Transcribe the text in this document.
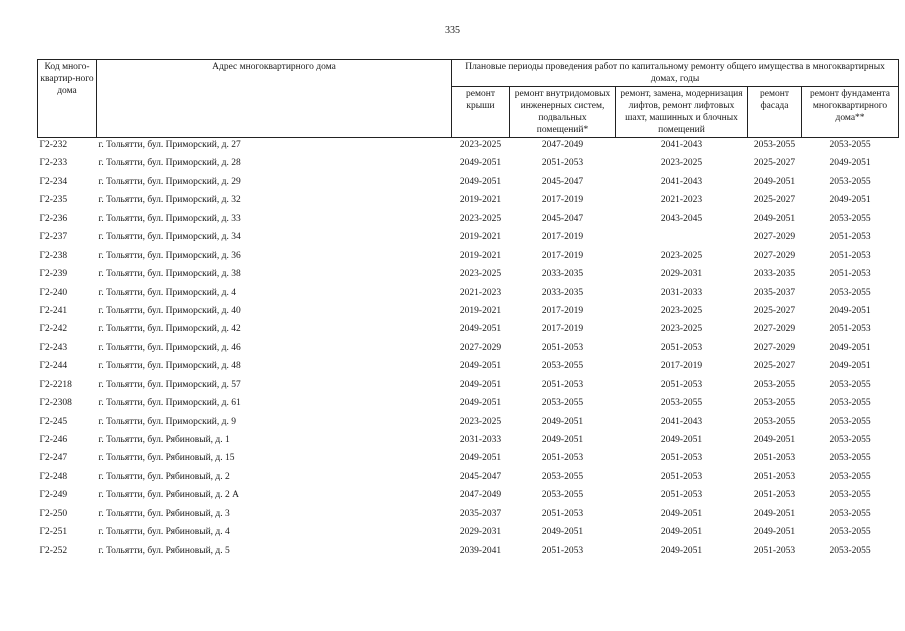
335
Код много-квартир-ного дома	Адрес многоквартирного дома	Плановые периоды проведения работ по капитальному ремонту общего имущества в многоквартирных домах, годы				
		ремонт крыши	ремонт внутридомовых инженерных систем, подвальных помещений*	ремонт, замена, модернизация лифтов, ремонт лифтовых шахт, машинных и блочных помещений	ремонт фасада	ремонт фундамента многоквартирного дома**
Г2-232	г. Тольятти, бул. Приморский, д. 27	2023-2025	2047-2049	2041-2043	2053-2055	2053-2055
Г2-233	г. Тольятти, бул. Приморский, д. 28	2049-2051	2051-2053	2023-2025	2025-2027	2049-2051
Г2-234	г. Тольятти, бул. Приморский, д. 29	2049-2051	2045-2047	2041-2043	2049-2051	2053-2055
Г2-235	г. Тольятти, бул. Приморский, д. 32	2019-2021	2017-2019	2021-2023	2025-2027	2049-2051
Г2-236	г. Тольятти, бул. Приморский, д. 33	2023-2025	2045-2047	2043-2045	2049-2051	2053-2055
Г2-237	г. Тольятти, бул. Приморский, д. 34	2019-2021	2017-2019		2027-2029	2051-2053
Г2-238	г. Тольятти, бул. Приморский, д. 36	2019-2021	2017-2019	2023-2025	2027-2029	2051-2053
Г2-239	г. Тольятти, бул. Приморский, д. 38	2023-2025	2033-2035	2029-2031	2033-2035	2051-2053
Г2-240	г. Тольятти, бул. Приморский, д. 4	2021-2023	2033-2035	2031-2033	2035-2037	2053-2055
Г2-241	г. Тольятти, бул. Приморский, д. 40	2019-2021	2017-2019	2023-2025	2025-2027	2049-2051
Г2-242	г. Тольятти, бул. Приморский, д. 42	2049-2051	2017-2019	2023-2025	2027-2029	2051-2053
Г2-243	г. Тольятти, бул. Приморский, д. 46	2027-2029	2051-2053	2051-2053	2027-2029	2049-2051
Г2-244	г. Тольятти, бул. Приморский, д. 48	2049-2051	2053-2055	2017-2019	2025-2027	2049-2051
Г2-2218	г. Тольятти, бул. Приморский, д. 57	2049-2051	2051-2053	2051-2053	2053-2055	2053-2055
Г2-2308	г. Тольятти, бул. Приморский, д. 61	2049-2051	2053-2055	2053-2055	2053-2055	2053-2055
Г2-245	г. Тольятти, бул. Приморский, д. 9	2023-2025	2049-2051	2041-2043	2053-2055	2053-2055
Г2-246	г. Тольятти, бул. Рябиновый, д. 1	2031-2033	2049-2051	2049-2051	2049-2051	2053-2055
Г2-247	г. Тольятти, бул. Рябиновый, д. 15	2049-2051	2051-2053	2051-2053	2051-2053	2053-2055
Г2-248	г. Тольятти, бул. Рябиновый, д. 2	2045-2047	2053-2055	2051-2053	2051-2053	2053-2055
Г2-249	г. Тольятти, бул. Рябиновый, д. 2 А	2047-2049	2053-2055	2051-2053	2051-2053	2053-2055
Г2-250	г. Тольятти, бул. Рябиновый, д. 3	2035-2037	2051-2053	2049-2051	2049-2051	2053-2055
Г2-251	г. Тольятти, бул. Рябиновый, д. 4	2029-2031	2049-2051	2049-2051	2049-2051	2053-2055
Г2-252	г. Тольятти, бул. Рябиновый, д. 5	2039-2041	2051-2053	2049-2051	2051-2053	2053-2055
